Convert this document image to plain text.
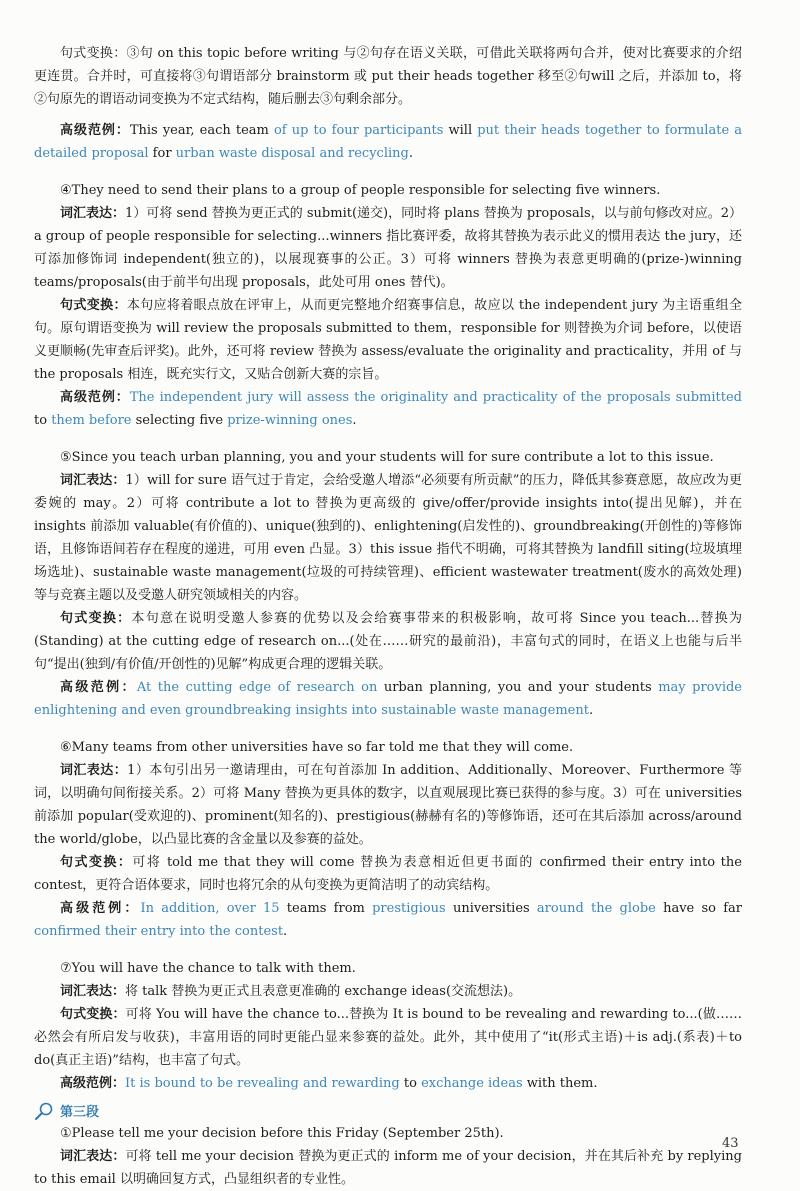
句式变换：③句 on this topic before writing 与②句存在语义关联，可借此关联将两句合并，使对比赛要求的介绍更连贯。合并时，可直接将③句谓语部分 brainstorm 或 put their heads together 移至②句will 之后，并添加 to，将②句原先的谓语动词变换为不定式结构，随后删去③句剩余部分。

高级范例：This year, each team of up to four participants will put their heads together to formulate a detailed proposal for urban waste disposal and recycling.

④They need to send their plans to a group of people responsible for selecting five winners.

词汇表达：1）可将 send 替换为更正式的 submit(递交)，同时将 plans 替换为 proposals，以与前句修改对应。2）a group of people responsible for selecting...winners 指比赛评委，故将其替换为表示此义的惯用表达 the jury，还可添加修饰词 independent(独立的)，以展现赛事的公正。3）可将 winners 替换为表意更明确的(prize-)winning teams/proposals(由于前半句出现 proposals，此处可用 ones 替代)。

句式变换：本句应将着眼点放在评审上，从而更完整地介绍赛事信息，故应以 the independent jury 为主语重组全句。原句谓语变换为 will review the proposals submitted to them，responsible for 则替换为介词 before，以使语义更顺畅(先审查后评奖)。此外，还可将 review 替换为 assess/evaluate the originality and practicality，并用 of 与 the proposals 相连，既充实行文，又贴合创新大赛的宗旨。

高级范例：The independent jury will assess the originality and practicality of the proposals submitted to them before selecting five prize-winning ones.

⑤Since you teach urban planning, you and your students will for sure contribute a lot to this issue.

词汇表达：1）will for sure 语气过于肯定，会给受邀人增添“必须要有所贡献”的压力，降低其参赛意愿，故应改为更委婉的 may。2）可将 contribute a lot to 替换为更高级的 give/offer/provide insights into(提出见解)，并在 insights 前添加 valuable(有价值的)、unique(独到的)、enlightening(启发性的)、groundbreaking(开创性的)等修饰语，且修饰语间若存在程度的递进，可用 even 凸显。3）this issue 指代不明确，可将其替换为 landfill siting(垃圾填埋场选址)、sustainable waste management(垃圾的可持续管理)、efficient wastewater treatment(废水的高效处理)等与竞赛主题以及受邀人研究领域相关的内容。

句式变换：本句意在说明受邀人参赛的优势以及会给赛事带来的积极影响，故可将 Since you teach...替换为(Standing) at the cutting edge of research on...(处在……研究的最前沿)，丰富句式的同时，在语义上也能与后半句“提出(独到/有价值/开创性的)见解”构成更合理的逻辑关联。

高级范例：At the cutting edge of research on urban planning, you and your students may provide enlightening and even groundbreaking insights into sustainable waste management.

⑥Many teams from other universities have so far told me that they will come.

词汇表达：1）本句引出另一邀请理由，可在句首添加 In addition、Additionally、Moreover、Furthermore 等词，以明确句间衔接关系。2）可将 Many 替换为更具体的数字，以直观展现比赛已获得的参与度。3）可在 universities 前添加 popular(受欢迎的)、prominent(知名的)、prestigious(赫赫有名的)等修饰语，还可在其后添加 across/around the world/globe，以凸显比赛的含金量以及参赛的益处。

句式变换：可将 told me that they will come 替换为表意相近但更书面的 confirmed their entry into the contest，更符合语体要求，同时也将冗余的从句变换为更简洁明了的动宾结构。

高级范例：In addition, over 15 teams from prestigious universities around the globe have so far confirmed their entry into the contest.

⑦You will have the chance to talk with them.

词汇表达：将 talk 替换为更正式且表意更准确的 exchange ideas(交流想法)。

句式变换：可将 You will have the chance to...替换为 It is bound to be revealing and rewarding to...(做……必然会有所启发与收获)，丰富用语的同时更能凸显来参赛的益处。此外，其中使用了“it(形式主语)＋is adj.(系表)＋to do(真正主语)”结构，也丰富了句式。

高级范例：It is bound to be revealing and rewarding to exchange ideas with them.

第三段

①Please tell me your decision before this Friday (September 25th).

词汇表达：可将 tell me your decision 替换为更正式的 inform me of your decision，并在其后补充 by replying to this email 以明确回复方式，凸显组织者的专业性。

43
